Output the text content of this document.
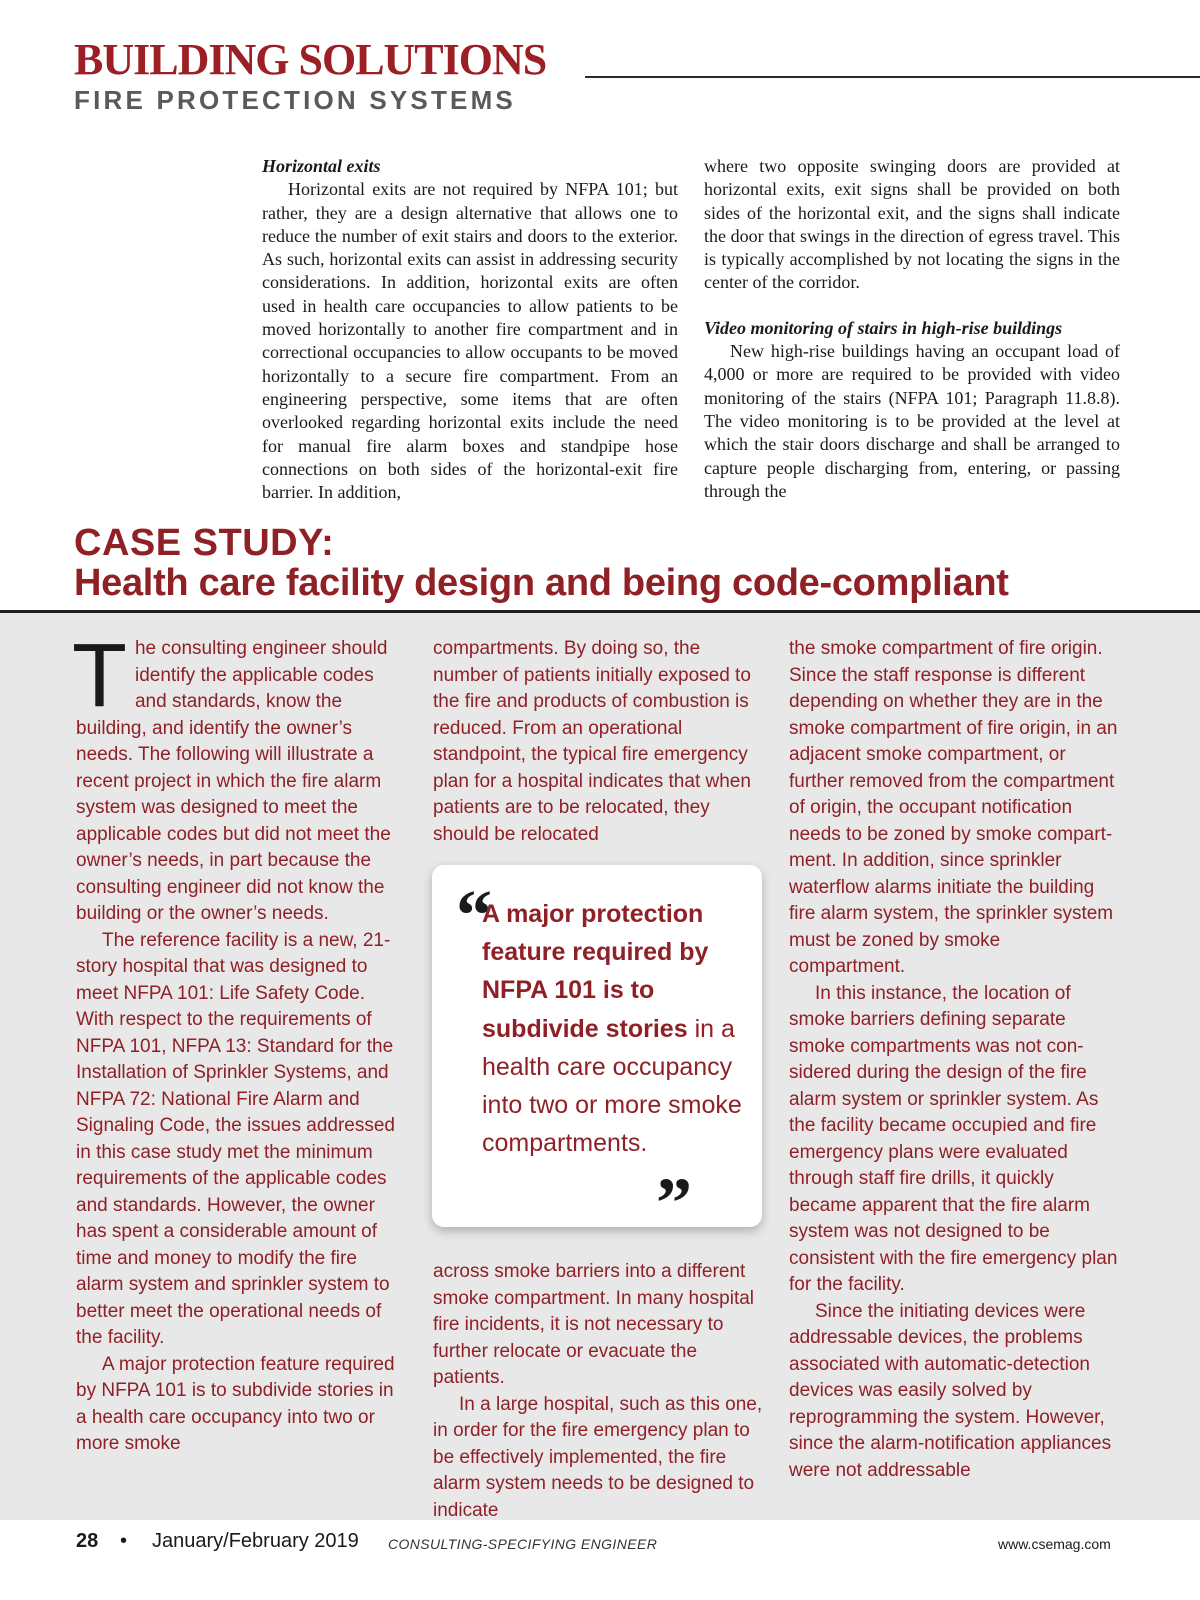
BUILDING SOLUTIONS
FIRE PROTECTION SYSTEMS
Horizontal exits

Horizontal exits are not required by NFPA 101; but rather, they are a design alternative that allows one to reduce the number of exit stairs and doors to the exterior. As such, horizontal exits can assist in addressing security considerations. In addition, horizontal exits are often used in health care occupancies to allow patients to be moved horizontally to another fire compartment and in correctional occupancies to allow occupants to be moved horizontally to a secure fire compartment. From an engineering perspective, some items that are often overlooked regarding horizontal exits include the need for manual fire alarm boxes and standpipe hose connections on both sides of the horizontal-exit fire barrier. In addition,

where two opposite swinging doors are provided at horizontal exits, exit signs shall be provided on both sides of the horizontal exit, and the signs shall indicate the door that swings in the direction of egress travel. This is typically accomplished by not locating the signs in the center of the corridor.

Video monitoring of stairs in high-rise buildings

New high-rise buildings having an occupant load of 4,000 or more are required to be provided with video monitoring of the stairs (NFPA 101; Paragraph 11.8.8). The video monitoring is to be provided at the level at which the stair doors discharge and shall be arranged to capture people discharging from, entering, or passing through the

CASE STUDY:
Health care facility design and being code-compliant
T he consulting engineer should identify the applicable codes and standards, know the building, and identify the owner’s needs. The following will illustrate a recent project in which the fire alarm system was designed to meet the applicable codes but did not meet the owner’s needs, in part because the consulting engineer did not know the building or the owner’s needs.

The reference facility is a new, 21-story hospital that was designed to meet NFPA 101: Life Safety Code. With respect to the requirements of NFPA 101, NFPA 13: Standard for the Installation of Sprinkler Systems, and NFPA 72: National Fire Alarm and Signaling Code, the issues addressed in this case study met the minimum requirements of the applicable codes and standards. However, the owner has spent a considerable amount of time and money to modify the fire alarm system and sprinkler system to better meet the operational needs of the facility.

A major protection feature required by NFPA 101 is to subdivide stories in a health care occupancy into two or more smoke

compartments. By doing so, the number of patients initially exposed to the fire and products of combustion is reduced. From an operational standpoint, the typical fire emergency plan for a hospital indicates that when patients are to be relocated, they should be relocated

across smoke barriers into a different smoke compartment. In many hospital fire incidents, it is not necessary to further relocate or evacuate the patients.

In a large hospital, such as this one, in order for the fire emergency plan to be effectively implemented, the fire alarm system needs to be designed to indicate

the smoke compartment of fire origin. Since the staff response is different depending on whether they are in the smoke compartment of fire origin, in an adjacent smoke compartment, or further removed from the compartment of origin, the occupant notification needs to be zoned by smoke compartment. In addition, since sprinkler waterflow alarms initiate the building fire alarm system, the sprinkler system must be zoned by smoke compartment.

In this instance, the location of smoke barriers defining separate smoke compartments was not considered during the design of the fire alarm system or sprinkler system. As the facility became occupied and fire emergency plans were evaluated through staff fire drills, it quickly became apparent that the fire alarm system was not designed to be consistent with the fire emergency plan for the facility.

Since the initiating devices were addressable devices, the problems associated with automatic-detection devices was easily solved by reprogramming the system. However, since the alarm-notification appliances were not addressable

“

A major protection feature required by NFPA 101 is to subdivide stories in a health care occupancy into two or more smoke compartments.

”
28 • January/February 2019 CONSULTING-SPECIFYING ENGINEER	www.csemag.com
